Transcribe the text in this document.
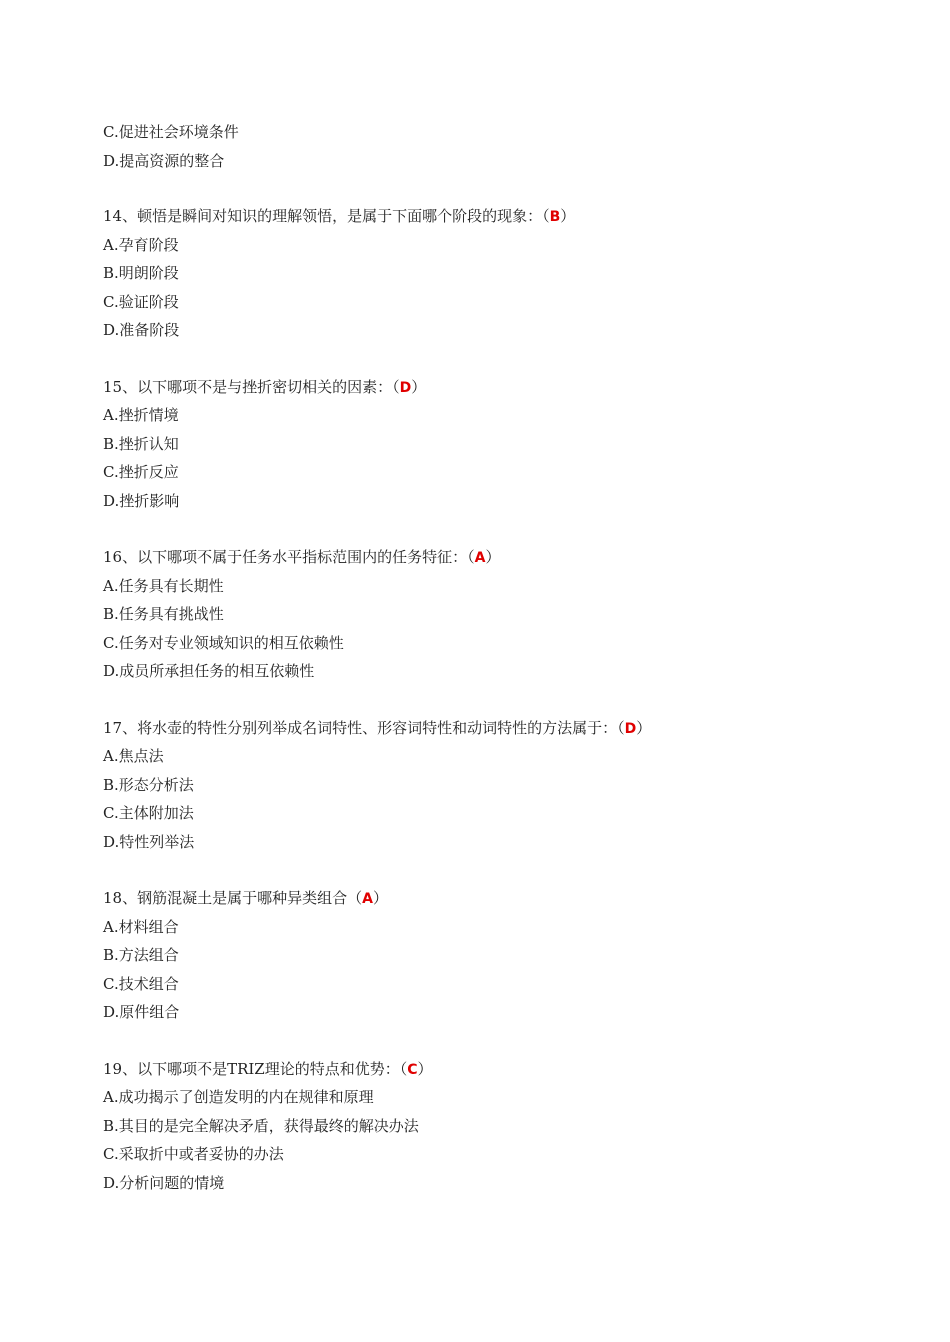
C.促进社会环境条件
D.提高资源的整合
14、顿悟是瞬间对知识的理解领悟，是属于下面哪个阶段的现象：（B）
A.孕育阶段
B.明朗阶段
C.验证阶段
D.准备阶段
15、以下哪项不是与挫折密切相关的因素：（D）
A.挫折情境
B.挫折认知
C.挫折反应
D.挫折影响
16、以下哪项不属于任务水平指标范围内的任务特征：（A）
A.任务具有长期性
B.任务具有挑战性
C.任务对专业领域知识的相互依赖性
D.成员所承担任务的相互依赖性
17、将水壶的特性分别列举成名词特性、形容词特性和动词特性的方法属于：（D）
A.焦点法
B.形态分析法
C.主体附加法
D.特性列举法
18、钢筋混凝土是属于哪种异类组合（A）
A.材料组合
B.方法组合
C.技术组合
D.原件组合
19、以下哪项不是TRIZ理论的特点和优势：（C）
A.成功揭示了创造发明的内在规律和原理
B.其目的是完全解决矛盾，获得最终的解决办法
C.采取折中或者妥协的办法
D.分析问题的情境
